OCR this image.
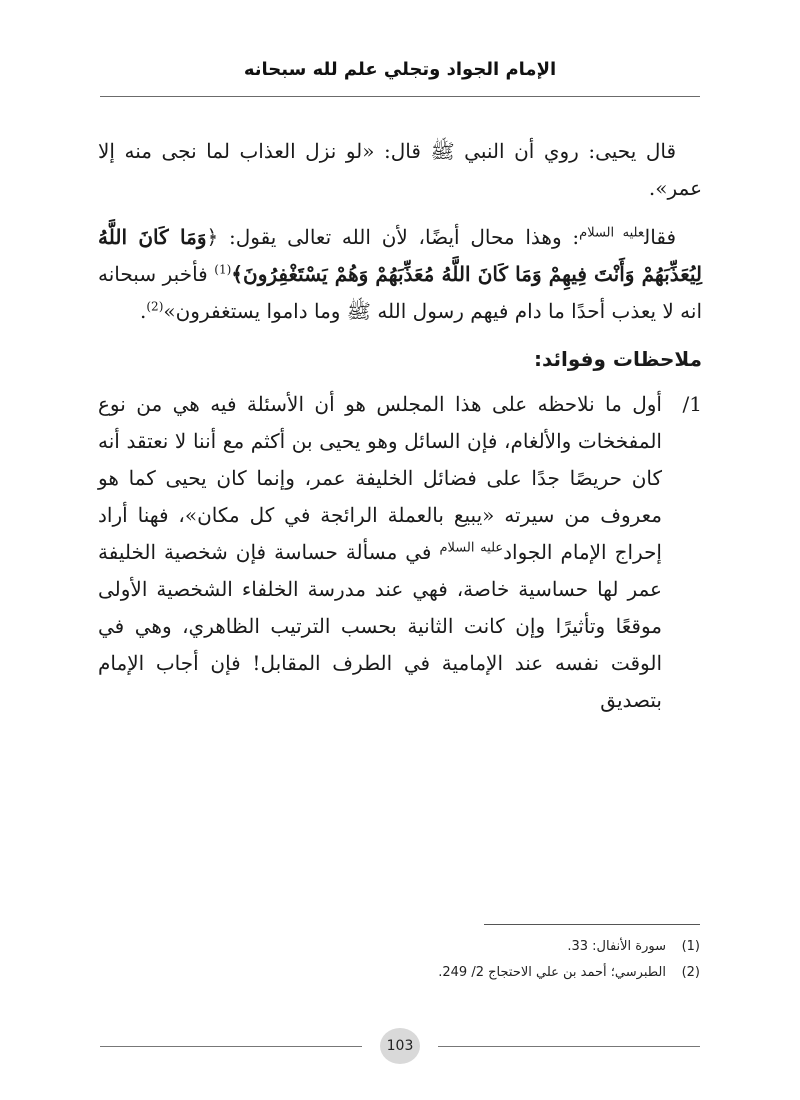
الإمام الجواد وتجلي علم لله سبحانه

قال يحيى: روي أن النبي ﷺ قال: «لو نزل العذاب لما نجى منه إلا عمر».

فقال$^{عليه السلام}$: وهذا محال أيضًا، لأن الله تعالى يقول: ﴿وَمَا كَانَ اللَّهُ لِيُعَذِّبَهُمْ وَأَنْتَ فِيهِمْ وَمَا كَانَ اللَّهُ مُعَذِّبَهُمْ وَهُمْ يَسْتَغْفِرُونَ﴾$^{(1)}$ فأخبر سبحانه انه لا يعذب أحدًا ما دام فيهم رسول الله ﷺ وما داموا يستغفرون»$^{(2)}$.

ملاحظات وفوائد:

1/
أول ما نلاحظه على هذا المجلس هو أن الأسئلة فيه هي من نوع المفخخات والألغام، فإن السائل وهو يحيى بن أكثم مع أننا لا نعتقد أنه كان حريصًا جدًا على فضائل الخليفة عمر، وإنما كان يحيى كما هو معروف من سيرته «يبيع بالعملة الرائجة في كل مكان»، فهنا أراد إحراج الإمام الجواد$^{عليه السلام}$ في مسألة حساسة فإن شخصية الخليفة عمر لها حساسية خاصة، فهي عند مدرسة الخلفاء الشخصية الأولى موقعًا وتأثيرًا وإن كانت الثانية بحسب الترتيب الظاهري، وهي في الوقت نفسه عند الإمامية في الطرف المقابل! فإن أجاب الإمام بتصديق

(1)سورة الأنفال: 33.

(2)الطبرسي؛ أحمد بن علي الاحتجاج 2/ 249.

103
